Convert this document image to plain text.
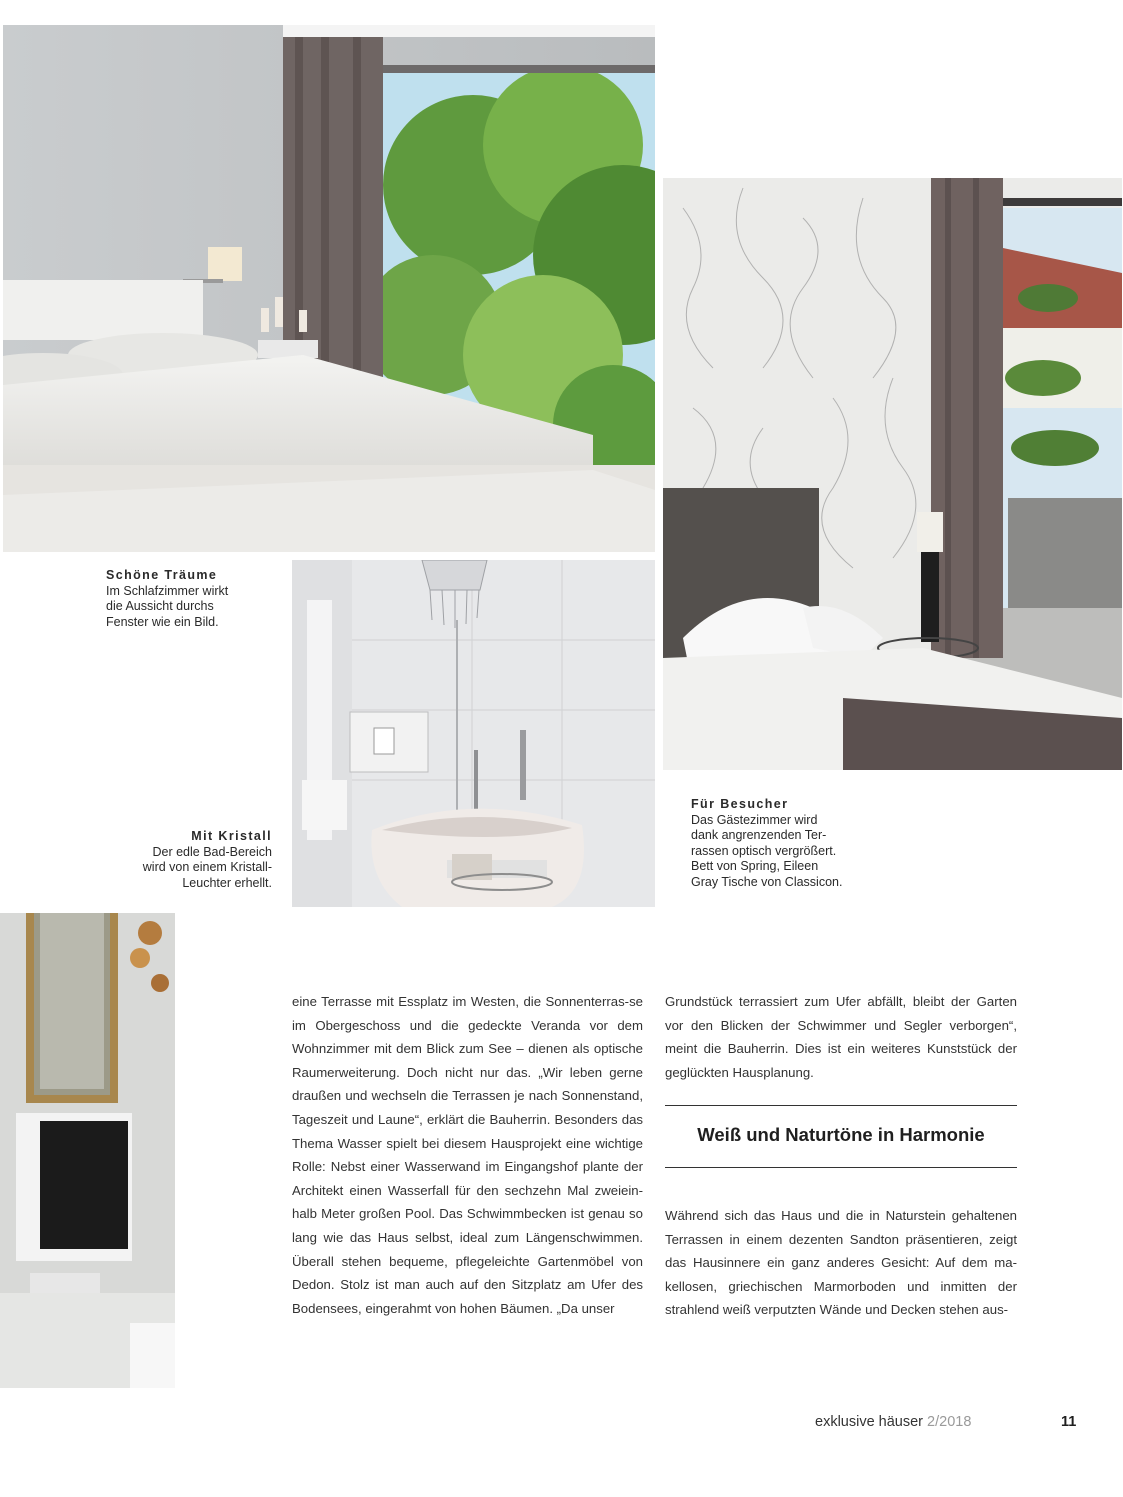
Schöne Träume
Im Schlafzimmer wirkt
die Aussicht durchs
Fenster wie ein Bild.
Mit Kristall
Der edle Bad-Bereich
wird von einem Kristall-
Leuchter erhellt.
Für Besucher
Das Gästezimmer wird
dank angrenzenden Ter-
rassen optisch vergrößert.
Bett von Spring, Eileen
Gray Tische von Classicon.

eine Terrasse mit Essplatz im Westen, die Sonnenterras-se im Obergeschoss und die gedeckte Veranda vor dem Wohnzimmer mit dem Blick zum See – dienen als optische Raumerweiterung. Doch nicht nur das. „Wir leben gerne draußen und wechseln die Terrassen je nach Sonnenstand, Tageszeit und Laune“, erklärt die Bauherrin. Besonders das Thema Wasser spielt bei diesem Hausprojekt eine wichtige Rolle: Nebst einer Wasserwand im Eingangshof plante der Architekt einen Wasserfall für den sechzehn Mal zweiein-halb Meter großen Pool. Das Schwimmbecken ist genau so lang wie das Haus selbst, ideal zum Längenschwimmen. Überall stehen bequeme, pflegeleichte Gartenmöbel von Dedon. Stolz ist man auch auf den Sitzplatz am Ufer des Bodensees, eingerahmt von hohen Bäumen. „Da unser

Grundstück terrassiert zum Ufer abfällt, bleibt der Garten vor den Blicken der Schwimmer und Segler verborgen“, meint die Bauherrin. Dies ist ein weiteres Kunststück der geglückten Hausplanung.

Weiß und Naturtöne in Harmonie

Während sich das Haus und die in Naturstein gehaltenen Terrassen in einem dezenten Sandton präsentieren, zeigt das Hausinnere ein ganz anderes Gesicht: Auf dem ma-kellosen, griechischen Marmorboden und inmitten der strahlend weiß verputzten Wände und Decken stehen aus-

exklusive häuser 2/2018	11
